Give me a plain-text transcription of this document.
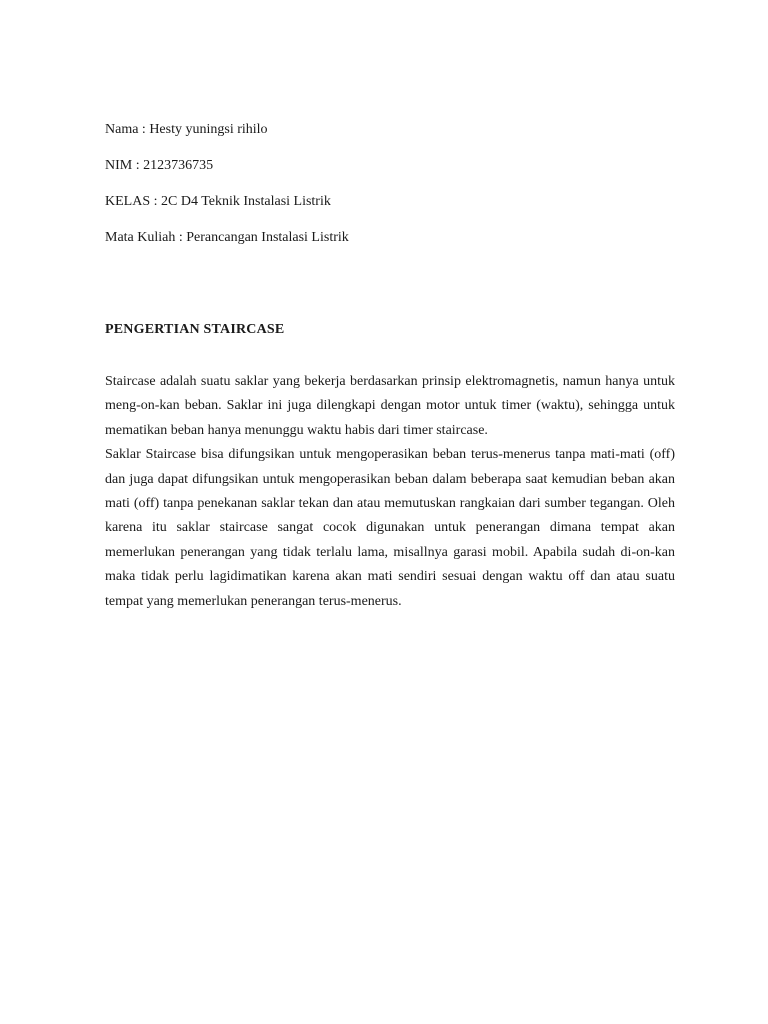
Nama : Hesty yuningsi rihilo

NIM : 2123736735

KELAS : 2C D4 Teknik Instalasi Listrik

Mata Kuliah : Perancangan Instalasi Listrik

PENGERTIAN STAIRCASE

Staircase adalah suatu saklar yang bekerja berdasarkan prinsip elektromagnetis, namun hanya untuk meng-on-kan beban. Saklar ini juga dilengkapi dengan motor untuk timer (waktu), sehingga untuk mematikan beban hanya menunggu waktu habis dari timer staircase.

Saklar Staircase bisa difungsikan untuk mengoperasikan beban terus-menerus tanpa mati-mati (off) dan juga dapat difungsikan untuk mengoperasikan beban dalam beberapa saat kemudian beban akan mati (off) tanpa penekanan saklar tekan dan atau memutuskan rangkaian dari sumber tegangan. Oleh karena itu saklar staircase sangat cocok digunakan untuk penerangan dimana tempat akan memerlukan penerangan yang tidak terlalu lama, misallnya garasi mobil. Apabila sudah di-on-kan maka tidak perlu lagidimatikan karena akan mati sendiri sesuai dengan waktu off dan atau suatu tempat yang memerlukan penerangan terus-menerus.
